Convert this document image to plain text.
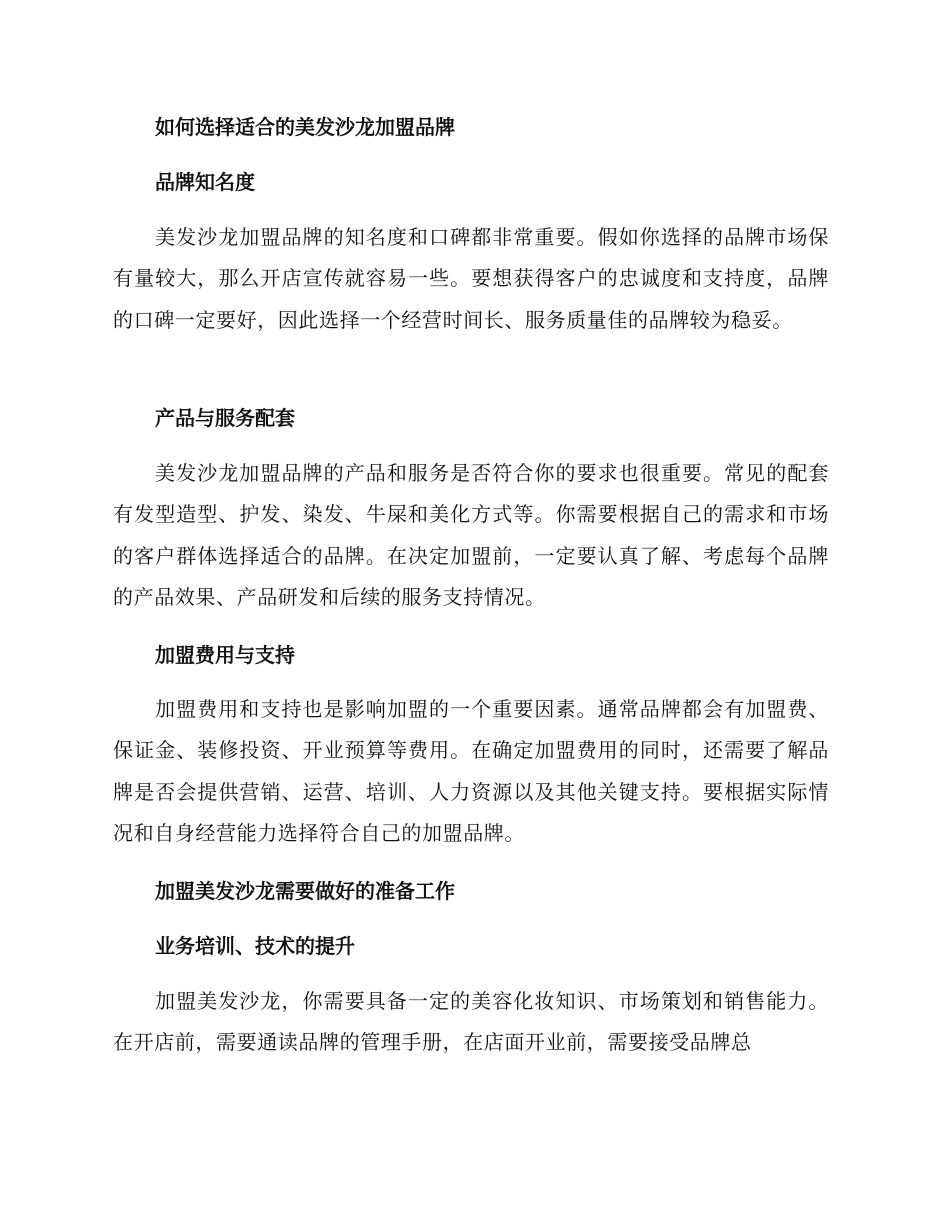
如何选择适合的美发沙龙加盟品牌
品牌知名度

美发沙龙加盟品牌的知名度和口碑都非常重要。假如你选择的品牌市场保有量较大，那么开店宣传就容易一些。要想获得客户的忠诚度和支持度，品牌的口碑一定要好，因此选择一个经营时间长、服务质量佳的品牌较为稳妥。

产品与服务配套

美发沙龙加盟品牌的产品和服务是否符合你的要求也很重要。常见的配套有发型造型、护发、染发、牛屎和美化方式等。你需要根据自己的需求和市场的客户群体选择适合的品牌。在决定加盟前，一定要认真了解、考虑每个品牌的产品效果、产品研发和后续的服务支持情况。

加盟费用与支持

加盟费用和支持也是影响加盟的一个重要因素。通常品牌都会有加盟费、保证金、装修投资、开业预算等费用。在确定加盟费用的同时，还需要了解品牌是否会提供营销、运营、培训、人力资源以及其他关键支持。要根据实际情况和自身经营能力选择符合自己的加盟品牌。

加盟美发沙龙需要做好的准备工作
业务培训、技术的提升

加盟美发沙龙，你需要具备一定的美容化妆知识、市场策划和销售能力。在开店前，需要通读品牌的管理手册，在店面开业前，需要接受品牌总
